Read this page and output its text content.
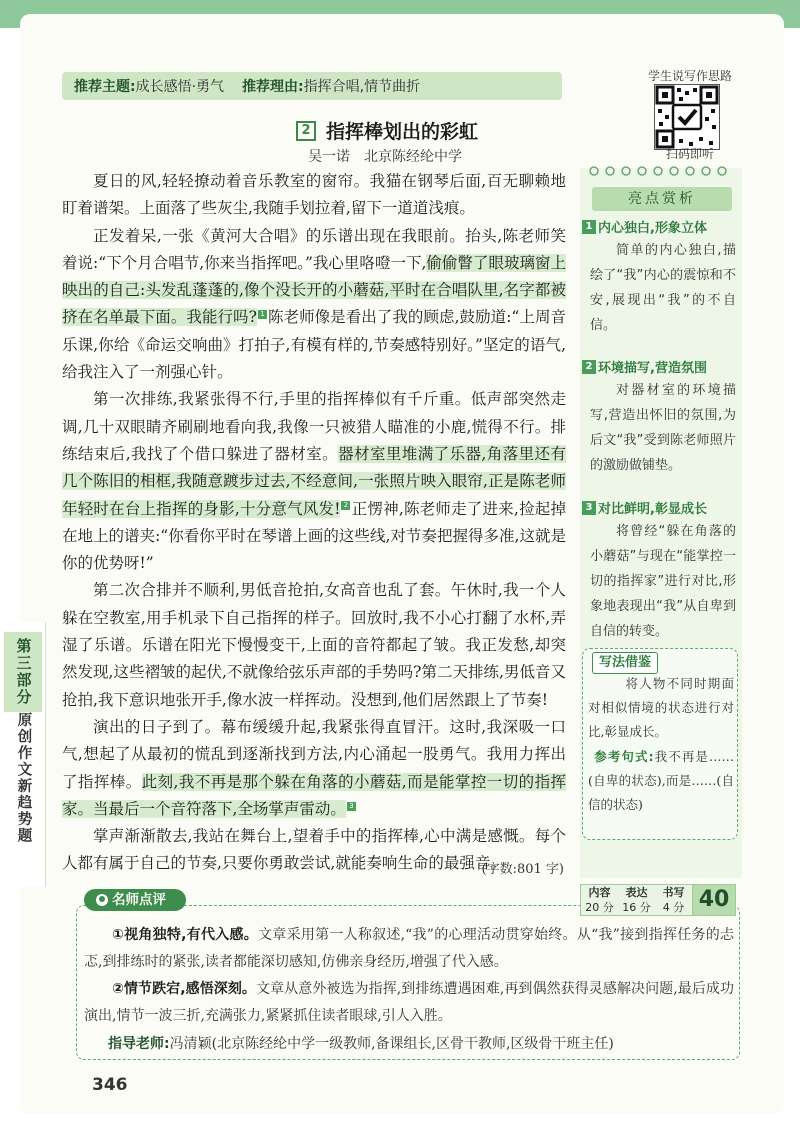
推荐主题: 成长感悟·勇气 推荐理由: 指挥合唱,情节曲折
学生说写作思路
扫码即听
2 指挥棒划出的彩虹
吴一诺　北京陈经纶中学

夏日的风,轻轻撩动着音乐教室的窗帘。我猫在钢琴后面,百无聊赖地盯着谱架。上面落了些灰尘,我随手划拉着,留下一道道浅痕。

正发着呆,一张《黄河大合唱》的乐谱出现在我眼前。抬头,陈老师笑着说:“下个月合唱节,你来当指挥吧。”我心里咯噔一下,偷偷瞥了眼玻璃窗上映出的自己:头发乱蓬蓬的,像个没长开的小蘑菇,平时在合唱队里,名字都被挤在名单最下面。我能行吗? 1 陈老师像是看出了我的顾虑,鼓励道:“上周音乐课,你给《命运交响曲》打拍子,有模有样的,节奏感特别好。”坚定的语气,给我注入了一剂强心针。

第一次排练,我紧张得不行,手里的指挥棒似有千斤重。低声部突然走调,几十双眼睛齐刷刷地看向我,我像一只被猎人瞄准的小鹿,慌得不行。排练结束后,我找了个借口躲进了器材室。器材室里堆满了乐器,角落里还有几个陈旧的相框,我随意踱步过去,不经意间,一张照片映入眼帘,正是陈老师年轻时在台上指挥的身影,十分意气风发! 2 正愣神,陈老师走了进来,捡起掉在地上的谱夹:“你看你平时在琴谱上画的这些线,对节奏把握得多准,这就是你的优势呀!”

第二次合排并不顺利,男低音抢拍,女高音也乱了套。午休时,我一个人躲在空教室,用手机录下自己指挥的样子。回放时,我不小心打翻了水杯,弄湿了乐谱。乐谱在阳光下慢慢变干,上面的音符都起了皱。我正发愁,却突然发现,这些褶皱的起伏,不就像给弦乐声部的手势吗?第二天排练,男低音又抢拍,我下意识地张开手,像水波一样挥动。没想到,他们居然跟上了节奏!

演出的日子到了。幕布缓缓升起,我紧张得直冒汗。这时,我深吸一口气,想起了从最初的慌乱到逐渐找到方法,内心涌起一股勇气。我用力挥出了指挥棒。此刻,我不再是那个躲在角落的小蘑菇,而是能掌控一切的指挥家。当最后一个音符落下,全场掌声雷动。 3

掌声渐渐散去,我站在舞台上,望着手中的指挥棒,心中满是感慨。每个人都有属于自己的节奏,只要你勇敢尝试,就能奏响生命的最强音。

(字数:801 字)

第三部分
原创作文新趋势题
亮点赏析
1 内心独白,形象立体
简单的内心独白,描绘了“我”内心的震惊和不安,展现出“我”的不自信。
2 环境描写,营造氛围
对器材室的环境描写,营造出怀旧的氛围,为后文“我”受到陈老师照片的激励做铺垫。
3 对比鲜明,彰显成长
将曾经“躲在角落的小蘑菇”与现在“能掌控一切的指挥家”进行对比,形象地表现出“我”从自卑到自信的转变。
写法借鉴
将人物不同时期面对相似情境的状态进行对比,彰显成长。
参考句式:我不再是……(自卑的状态),而是……(自信的状态)
名师点评	内容
20 分
表达
16 分
书写
4 分 40

①视角独特,有代入感。文章采用第一人称叙述,“我”的心理活动贯穿始终。从“我”接到指挥任务的忐忑,到排练时的紧张,读者都能深切感知,仿佛亲身经历,增强了代入感。

②情节跌宕,感悟深刻。文章从意外被选为指挥,到排练遭遇困难,再到偶然获得灵感解决问题,最后成功演出,情节一波三折,充满张力,紧紧抓住读者眼球,引人入胜。

指导老师:冯清颖(北京陈经纶中学一级教师,备课组长,区骨干教师,区级骨干班主任)
346
